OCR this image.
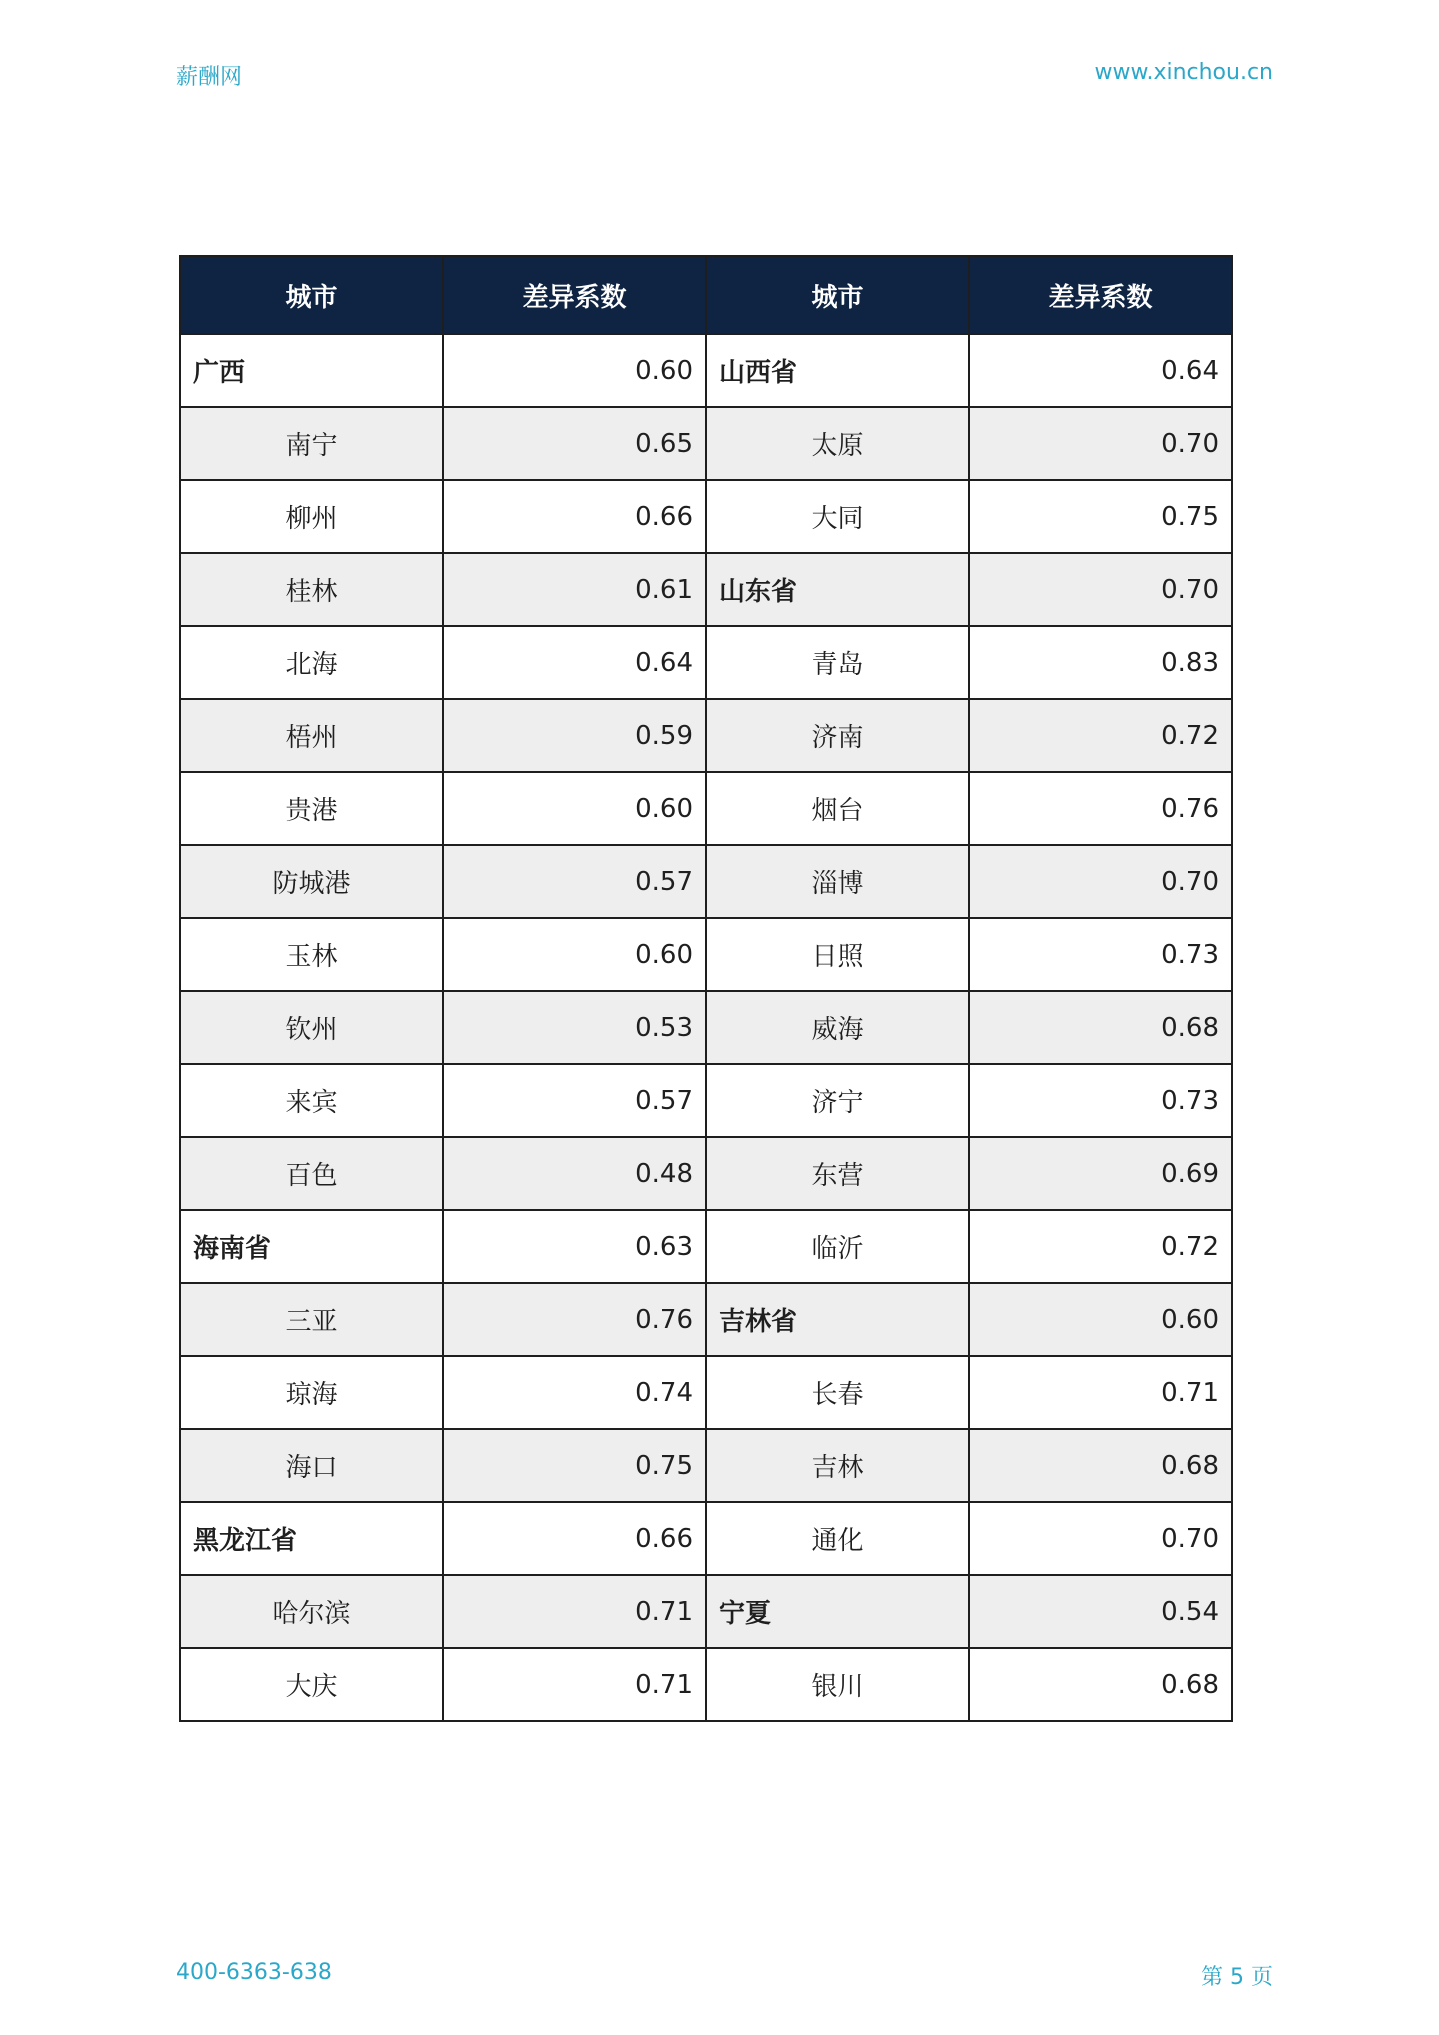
薪酬网	www.xinchou.cn
城市	差异系数	城市	差异系数
广西	0.60	山西省	0.64
南宁	0.65	太原	0.70
柳州	0.66	大同	0.75
桂林	0.61	山东省	0.70
北海	0.64	青岛	0.83
梧州	0.59	济南	0.72
贵港	0.60	烟台	0.76
防城港	0.57	淄博	0.70
玉林	0.60	日照	0.73
钦州	0.53	威海	0.68
来宾	0.57	济宁	0.73
百色	0.48	东营	0.69
海南省	0.63	临沂	0.72
三亚	0.76	吉林省	0.60
琼海	0.74	长春	0.71
海口	0.75	吉林	0.68
黑龙江省	0.66	通化	0.70
哈尔滨	0.71	宁夏	0.54
大庆	0.71	银川	0.68
400-6363-638	第 5 页
